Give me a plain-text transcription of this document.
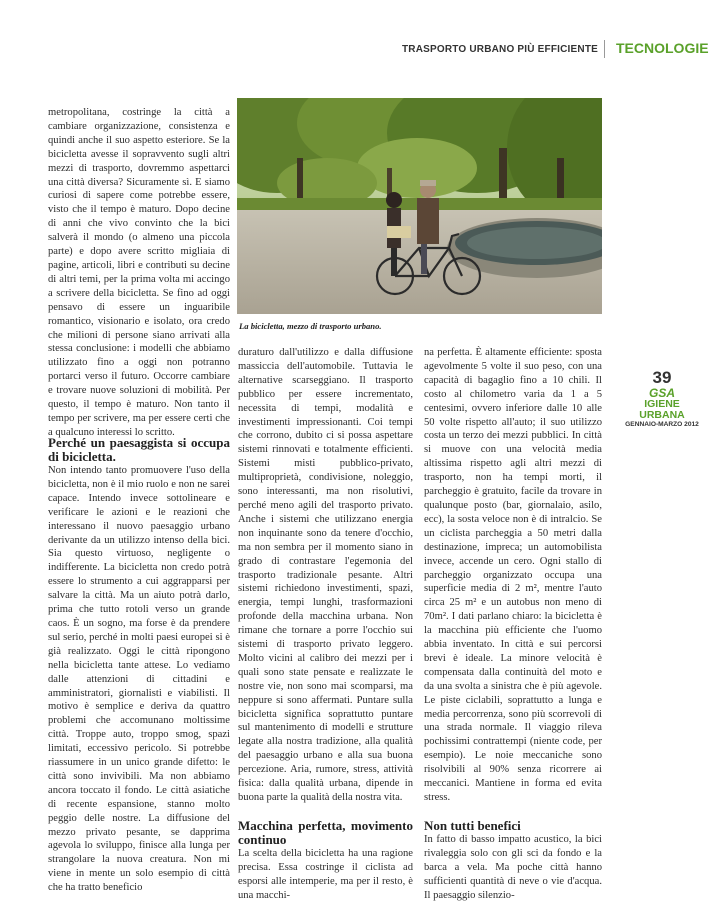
TRASPORTO URBANO PIÙ EFFICIENTE TECNOLOGIE
La bicicletta, mezzo di trasporto urbano.

metropolitana, costringe la città a cambiare organizzazione, consistenza e quindi anche il suo aspetto esteriore. Se la bicicletta avesse il sopravvento sugli altri mezzi di trasporto, dovremmo aspettarci una città diversa? Sicuramente sì. E siamo curiosi di sapere come potrebbe essere, visto che il tempo è maturo. Dopo decine di anni che vivo convinto che la bici salverà il mondo (o almeno una piccola parte) e dopo avere scritto migliaia di pagine, articoli, libri e contributi su decine di altri temi, per la prima volta mi accingo a scrivere della bicicletta. Se fino ad oggi pensavo di essere un inguaribile romantico, visionario e isolato, ora credo che milioni di persone siano arrivati alla stessa conclusione: i modelli che abbiamo utilizzato fino a oggi non potranno portarci verso il futuro. Occorre cambiare e trovare nuove soluzioni di mobilità. Per questo, il tempo è maturo. Non tanto il tempo per scrivere, ma per essere certi che a qualcuno interessi lo scritto.

Perché un paesaggista si occupa di bicicletta.

Non intendo tanto promuovere l'uso della bicicletta, non è il mio ruolo e non ne sarei capace. Intendo invece sottolineare e verificare le azioni e le reazioni che interessano il nuovo paesaggio urbano derivante da un utilizzo intenso della bici. Sia questo virtuoso, negligente o indifferente. La bicicletta non credo potrà essere lo strumento a cui aggrapparsi per salvare la città. Ma un aiuto potrà darlo, prima che tutto rotoli verso un grande caos. È un sogno, ma forse è da prendere sul serio, perché in molti paesi europei si è già realizzato. Oggi le città ripongono nella bicicletta tante attese. Lo vediamo dalle attenzioni di cittadini e amministratori, giornalisti e viabilisti. Il motivo è semplice e deriva da quattro problemi che accomunano moltissime città. Troppe auto, troppo smog, spazi limitati, eccessivo pericolo. Si potrebbe riassumere in un unico grande difetto: le città sono invivibili. Ma non abbiamo ancora toccato il fondo. Le città asiatiche di recente espansione, stanno molto peggio delle nostre. La diffusione del mezzo privato pesante, se dapprima agevola lo sviluppo, finisce alla lunga per strangolare la nuova creatura. Non mi viene in mente un solo esempio di città che ha tratto beneficio

duraturo dall'utilizzo e dalla diffusione massiccia dell'automobile. Tuttavia le alternative scarseggiano. Il trasporto pubblico per essere incrementato, necessita di tempi, modalità e investimenti impressionanti. Coi tempi che corrono, dubito ci si possa aspettare sistemi rinnovati e totalmente efficienti. Sistemi misti pubblico-privato, multiproprietà, condivisione, noleggio, sono interessanti, ma non risolutivi, perché meno agili del trasporto privato. Anche i sistemi che utilizzano energia non inquinante sono da tenere d'occhio, ma non sembra per il momento siano in grado di contrastare l'egemonia del trasporto tradizionale pesante. Altri sistemi richiedono investimenti, spazi, energia, tempi lunghi, trasformazioni profonde della macchina urbana. Non rimane che tornare a porre l'occhio sui sistemi di trasporto privato leggero. Molto vicini al calibro dei mezzi per i quali sono state pensate e realizzate le nostre vie, non sono mai scomparsi, ma neppure si sono affermati. Puntare sulla bicicletta significa soprattutto puntare sul mantenimento di modelli e strutture legate alla nostra tradizione, alla qualità del paesaggio urbano e alla sua buona percezione. Aria, rumore, stress, attività fisica: dalla qualità urbana, dipende in buona parte la qualità della nostra vita.

Macchina perfetta, movimento continuo

La scelta della bicicletta ha una ragione precisa. Essa costringe il ciclista ad esporsi alle intemperie, ma per il resto, è una macchi-

na perfetta. È altamente efficiente: sposta agevolmente 5 volte il suo peso, con una capacità di bagaglio fino a 10 chili. Il costo al chilometro varia da 1 a 5 centesimi, ovvero inferiore dalle 10 alle 50 volte rispetto all'auto; il suo utilizzo costa un terzo dei mezzi pubblici. In città si muove con una velocità media altissima rispetto agli altri mezzi di trasporto, non ha tempi morti, il parcheggio è gratuito, facile da trovare in qualunque posto (bar, giornalaio, asilo, ecc), la sosta veloce non è di intralcio. Se un ciclista parcheggia a 50 metri dalla destinazione, impreca; un automobilista invece, accende un cero. Ogni stallo di parcheggio organizzato occupa una superficie media di 2 m², mentre l'auto circa 25 m² e un autobus non meno di 70m². I dati parlano chiaro: la bicicletta è la macchina più efficiente che l'uomo abbia inventato. In città e sui percorsi brevi è ideale. La minore velocità è compensata dalla continuità del moto e da una svolta a sinistra che è più agevole. Le piste ciclabili, soprattutto a lunga e media percorrenza, sono più scorrevoli di una strada normale. Il viaggio rileva pochissimi contrattempi (niente code, per esempio). Le noie meccaniche sono risolvibili al 90% senza ricorrere ai meccanici. Mantiene in forma ed evita stress.

Non tutti benefici

In fatto di basso impatto acustico, la bici rivaleggia solo con gli sci da fondo e la barca a vela. Ma poche città hanno sufficienti quantità di neve o vie d'acqua. Il paesaggio silenzio-

39
GSA
IGIENE URBANA
GENNAIO-MARZO 2012
